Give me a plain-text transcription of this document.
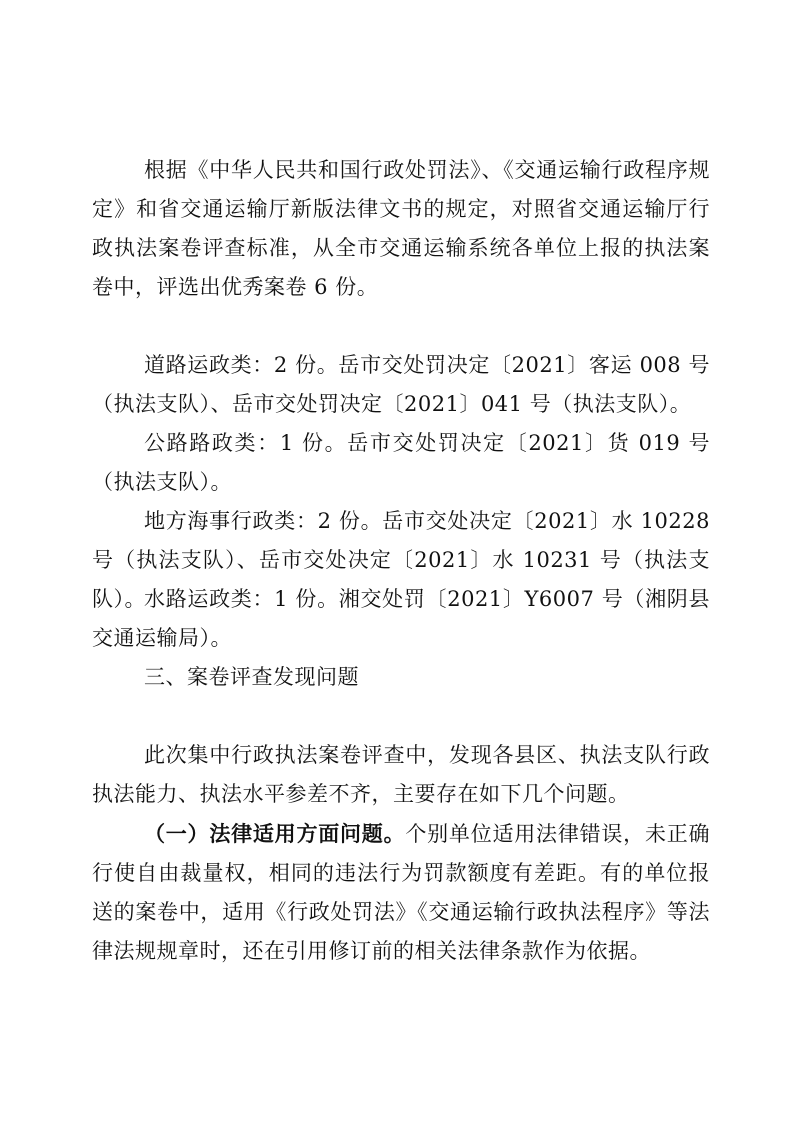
根据《中华人民共和国行政处罚法》、《交通运输行政程序规定》和省交通运输厅新版法律文书的规定，对照省交通运输厅行政执法案卷评查标准，从全市交通运输系统各单位上报的执法案卷中，评选出优秀案卷 6 份。

道路运政类：2 份。岳市交处罚决定〔2021〕客运 008 号（执法支队）、岳市交处罚决定〔2021〕041 号（执法支队）。

公路路政类：1 份。岳市交处罚决定〔2021〕货 019 号（执法支队）。

地方海事行政类：2 份。岳市交处决定〔2021〕水 10228 号（执法支队）、岳市交处决定〔2021〕水 10231 号（执法支队）。

水路运政类：1 份。湘交处罚〔2021〕Y6007 号（湘阴县交通运输局）。

三、案卷评查发现问题

此次集中行政执法案卷评查中，发现各县区、执法支队行政执法能力、执法水平参差不齐，主要存在如下几个问题。

（一）法律适用方面问题。个别单位适用法律错误，未正确行使自由裁量权，相同的违法行为罚款额度有差距。有的单位报送的案卷中，适用《行政处罚法》《交通运输行政执法程序》等法律法规规章时，还在引用修订前的相关法律条款作为依据。
